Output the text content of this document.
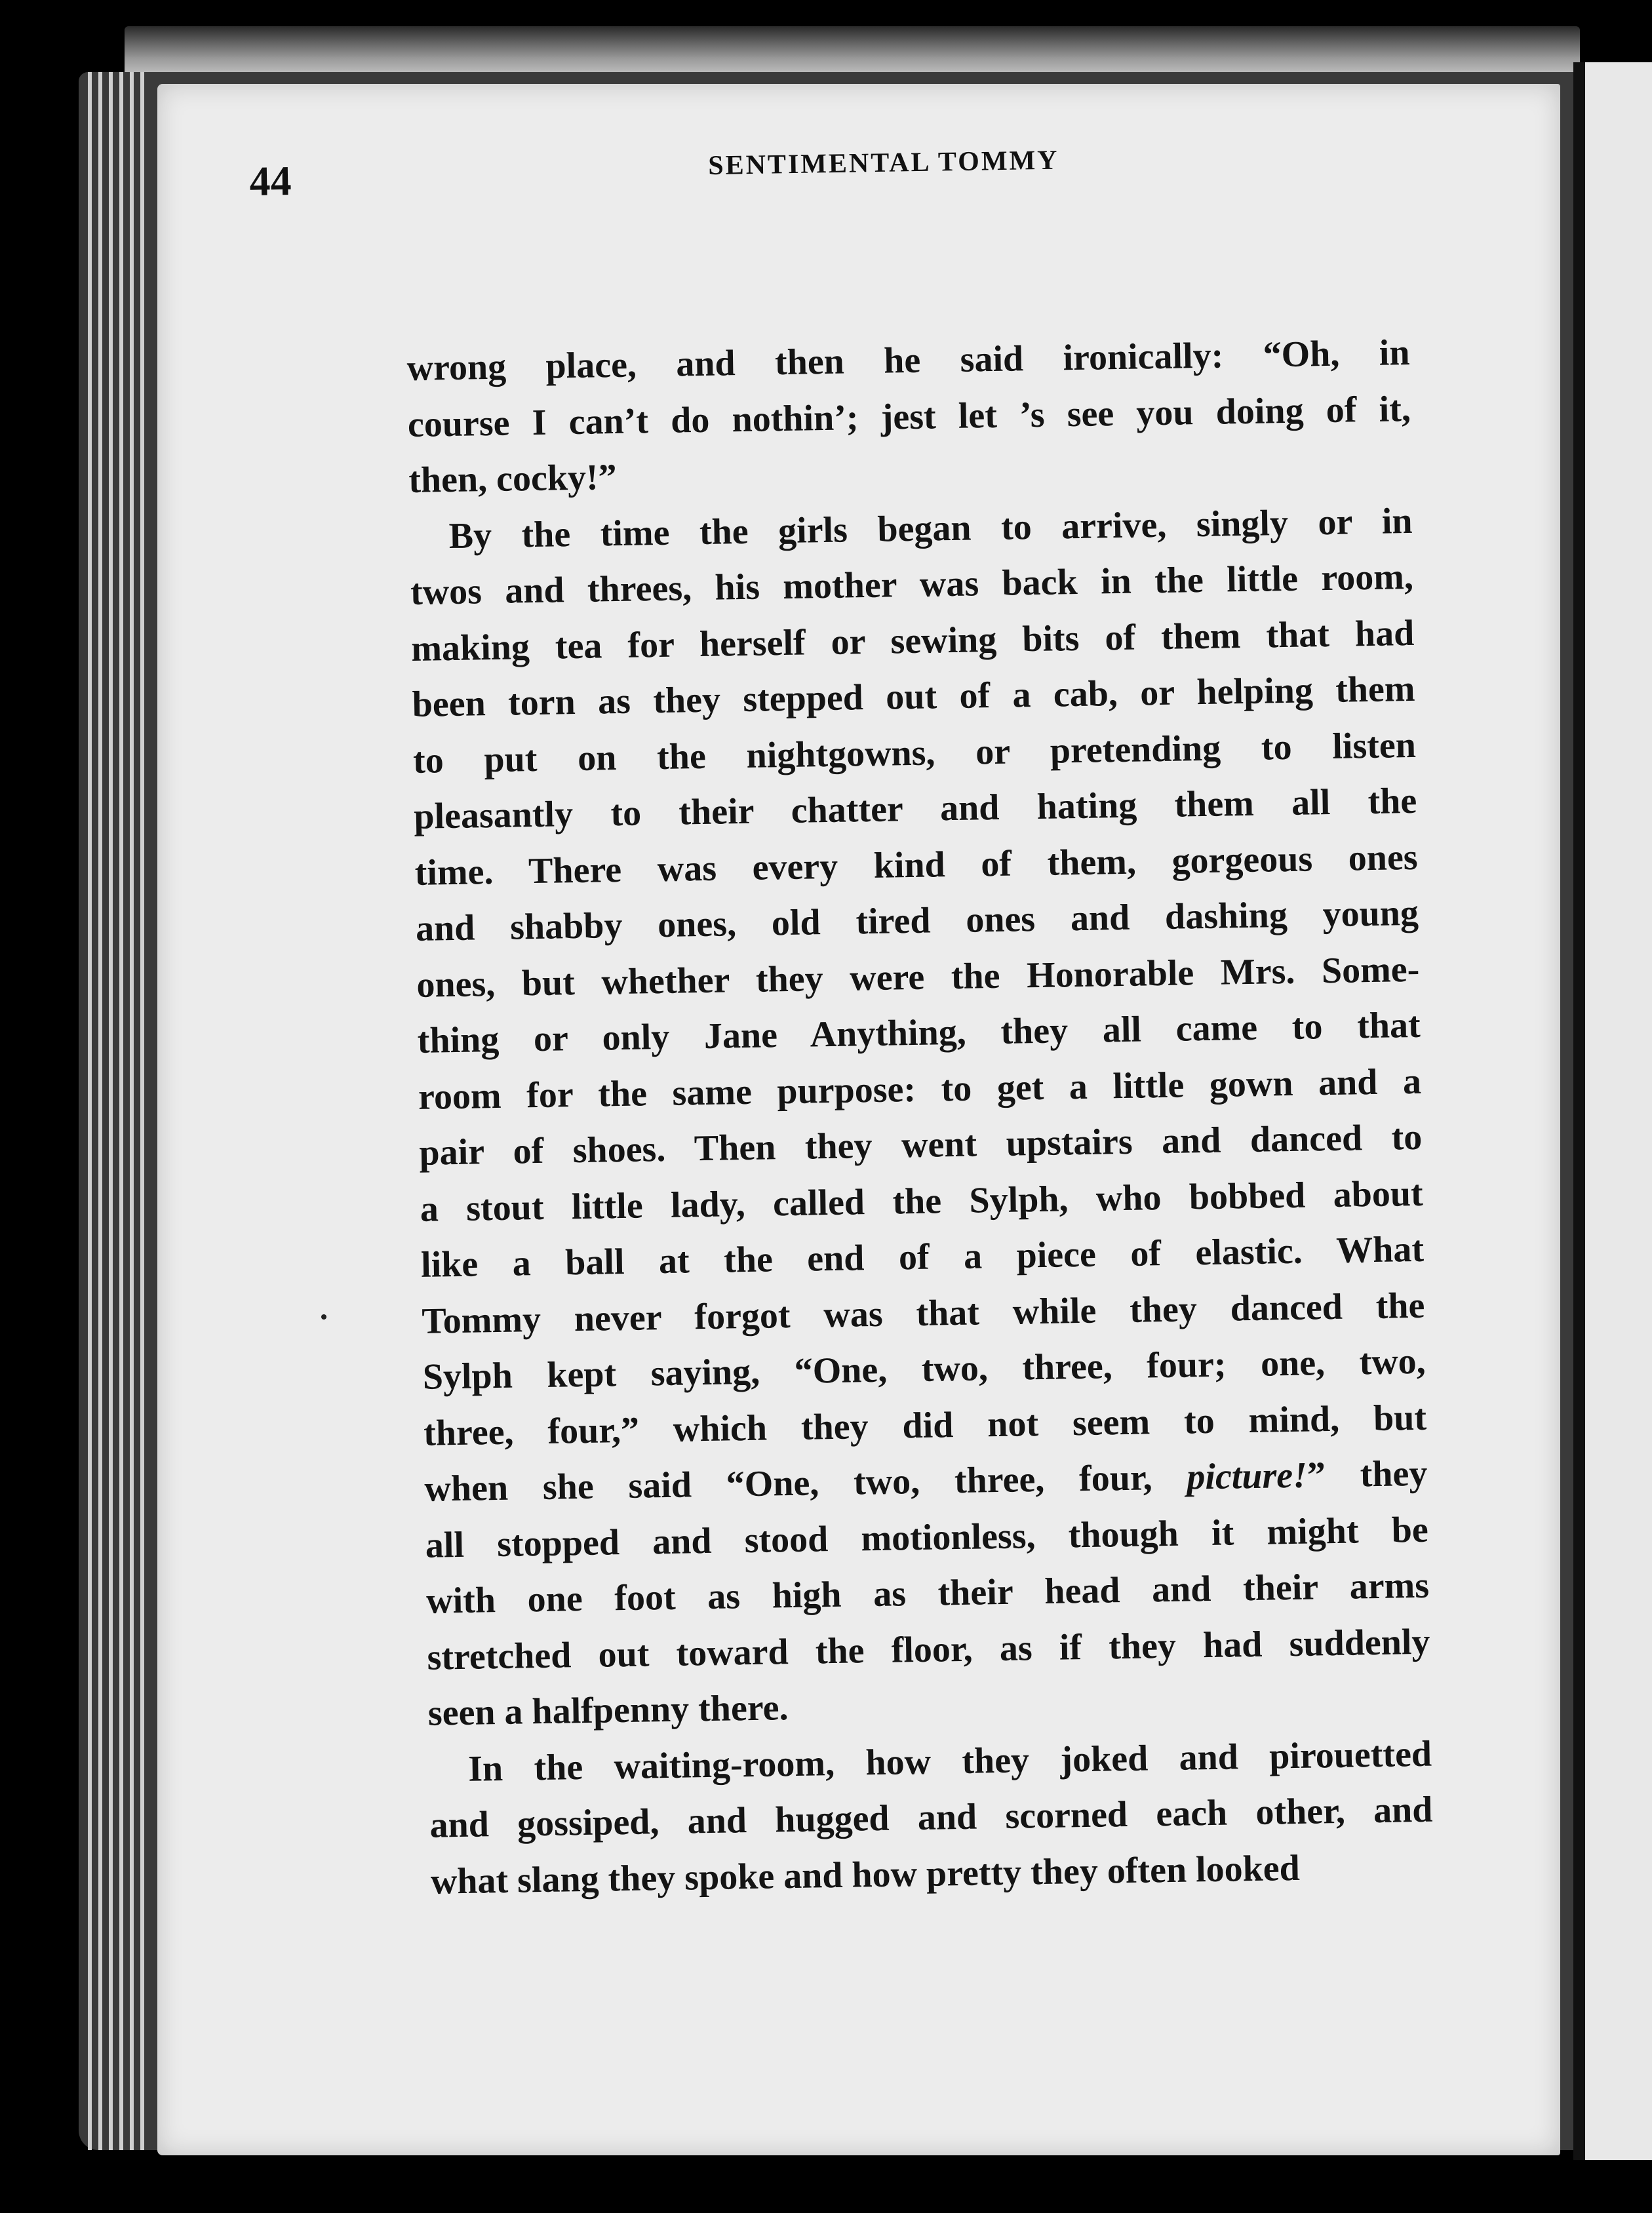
44	SENTIMENTAL TOMMY
wrong place, and then he said ironically: “Oh, in
course I can’t do nothin’; jest let ’s see you doing of it,
then, cocky!”
By the time the girls began to arrive, singly or in
twos and threes, his mother was back in the little room,
making tea for herself or sewing bits of them that had
been torn as they stepped out of a cab, or helping them
to put on the nightgowns, or pretending to listen
pleasantly to their chatter and hating them all the
time. There was every kind of them, gorgeous ones
and shabby ones, old tired ones and dashing young
ones, but whether they were the Honorable Mrs. Some-
thing or only Jane Anything, they all came to that
room for the same purpose: to get a little gown and a
pair of shoes. Then they went upstairs and danced to
a stout little lady, called the Sylph, who bobbed about
like a ball at the end of a piece of elastic. What
Tommy never forgot was that while they danced the
Sylph kept saying, “One, two, three, four; one, two,
three, four,” which they did not seem to mind, but
when she said “One, two, three, four, picture!” they
all stopped and stood motionless, though it might be
with one foot as high as their head and their arms
stretched out toward the floor, as if they had suddenly
seen a halfpenny there.
In the waiting-room, how they joked and pirouetted
and gossiped, and hugged and scorned each other, and
what slang they spoke and how pretty they often looked
